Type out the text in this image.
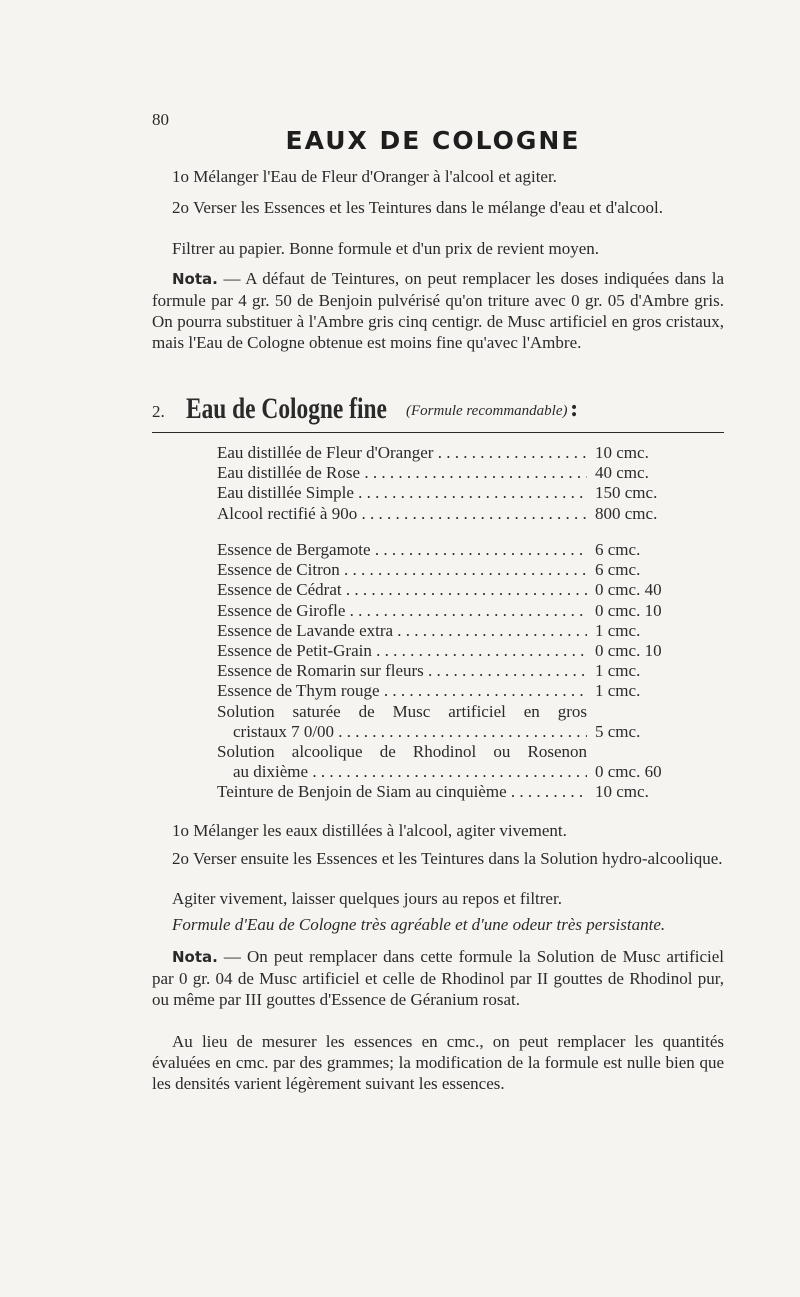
80
EAUX DE COLOGNE
1o Mélanger l'Eau de Fleur d'Oranger à l'alcool et agiter.
2o Verser les Essences et les Teintures dans le mélange d'eau et d'alcool.
Filtrer au papier. Bonne formule et d'un prix de revient moyen.
Nota. — A défaut de Teintures, on peut remplacer les doses indiquées dans la formule par 4 gr. 50 de Benjoin pulvérisé qu'on triture avec 0 gr. 05 d'Ambre gris. On pourra substituer à l'Ambre gris cinq centigr. de Musc artificiel en gros cristaux, mais l'Eau de Cologne obtenue est moins fine qu'avec l'Ambre.
2. Eau de Cologne fine (Formule recommandable) :
Eau distillée de Fleur d'Oranger . . .	10 cmc.
Eau distillée de Rose . . .	40 cmc.
Eau distillée Simple . . .	150 cmc.
Alcool rectifié à 90o . . .	800 cmc.
Essence de Bergamote . . .	6 cmc.
Essence de Citron . . .	6 cmc.
Essence de Cédrat . . .	0 cmc. 40
Essence de Girofle . . .	0 cmc. 10
Essence de Lavande extra . . .	1 cmc.
Essence de Petit-Grain . . .	0 cmc. 10
Essence de Romarin sur fleurs . . .	1 cmc.
Essence de Thym rouge . . .	1 cmc.
Solution saturée de Musc artificiel en gros
cristaux 7 0/00 . . .	5 cmc.
Solution alcoolique de Rhodinol ou Rosenon
au dixième . . .	0 cmc. 60
Teinture de Benjoin de Siam au cinquième . . .	10 cmc.
1o Mélanger les eaux distillées à l'alcool, agiter vivement.
2o Verser ensuite les Essences et les Teintures dans la Solution hydro-alcoolique.
Agiter vivement, laisser quelques jours au repos et filtrer.
Formule d'Eau de Cologne très agréable et d'une odeur très persistante.
Nota. — On peut remplacer dans cette formule la Solution de Musc artificiel par 0 gr. 04 de Musc artificiel et celle de Rhodinol par II gouttes de Rhodinol pur, ou même par III gouttes d'Essence de Géranium rosat.
Au lieu de mesurer les essences en cmc., on peut remplacer les quantités évaluées en cmc. par des grammes; la modification de la formule est nulle bien que les densités varient légèrement suivant les essences.
